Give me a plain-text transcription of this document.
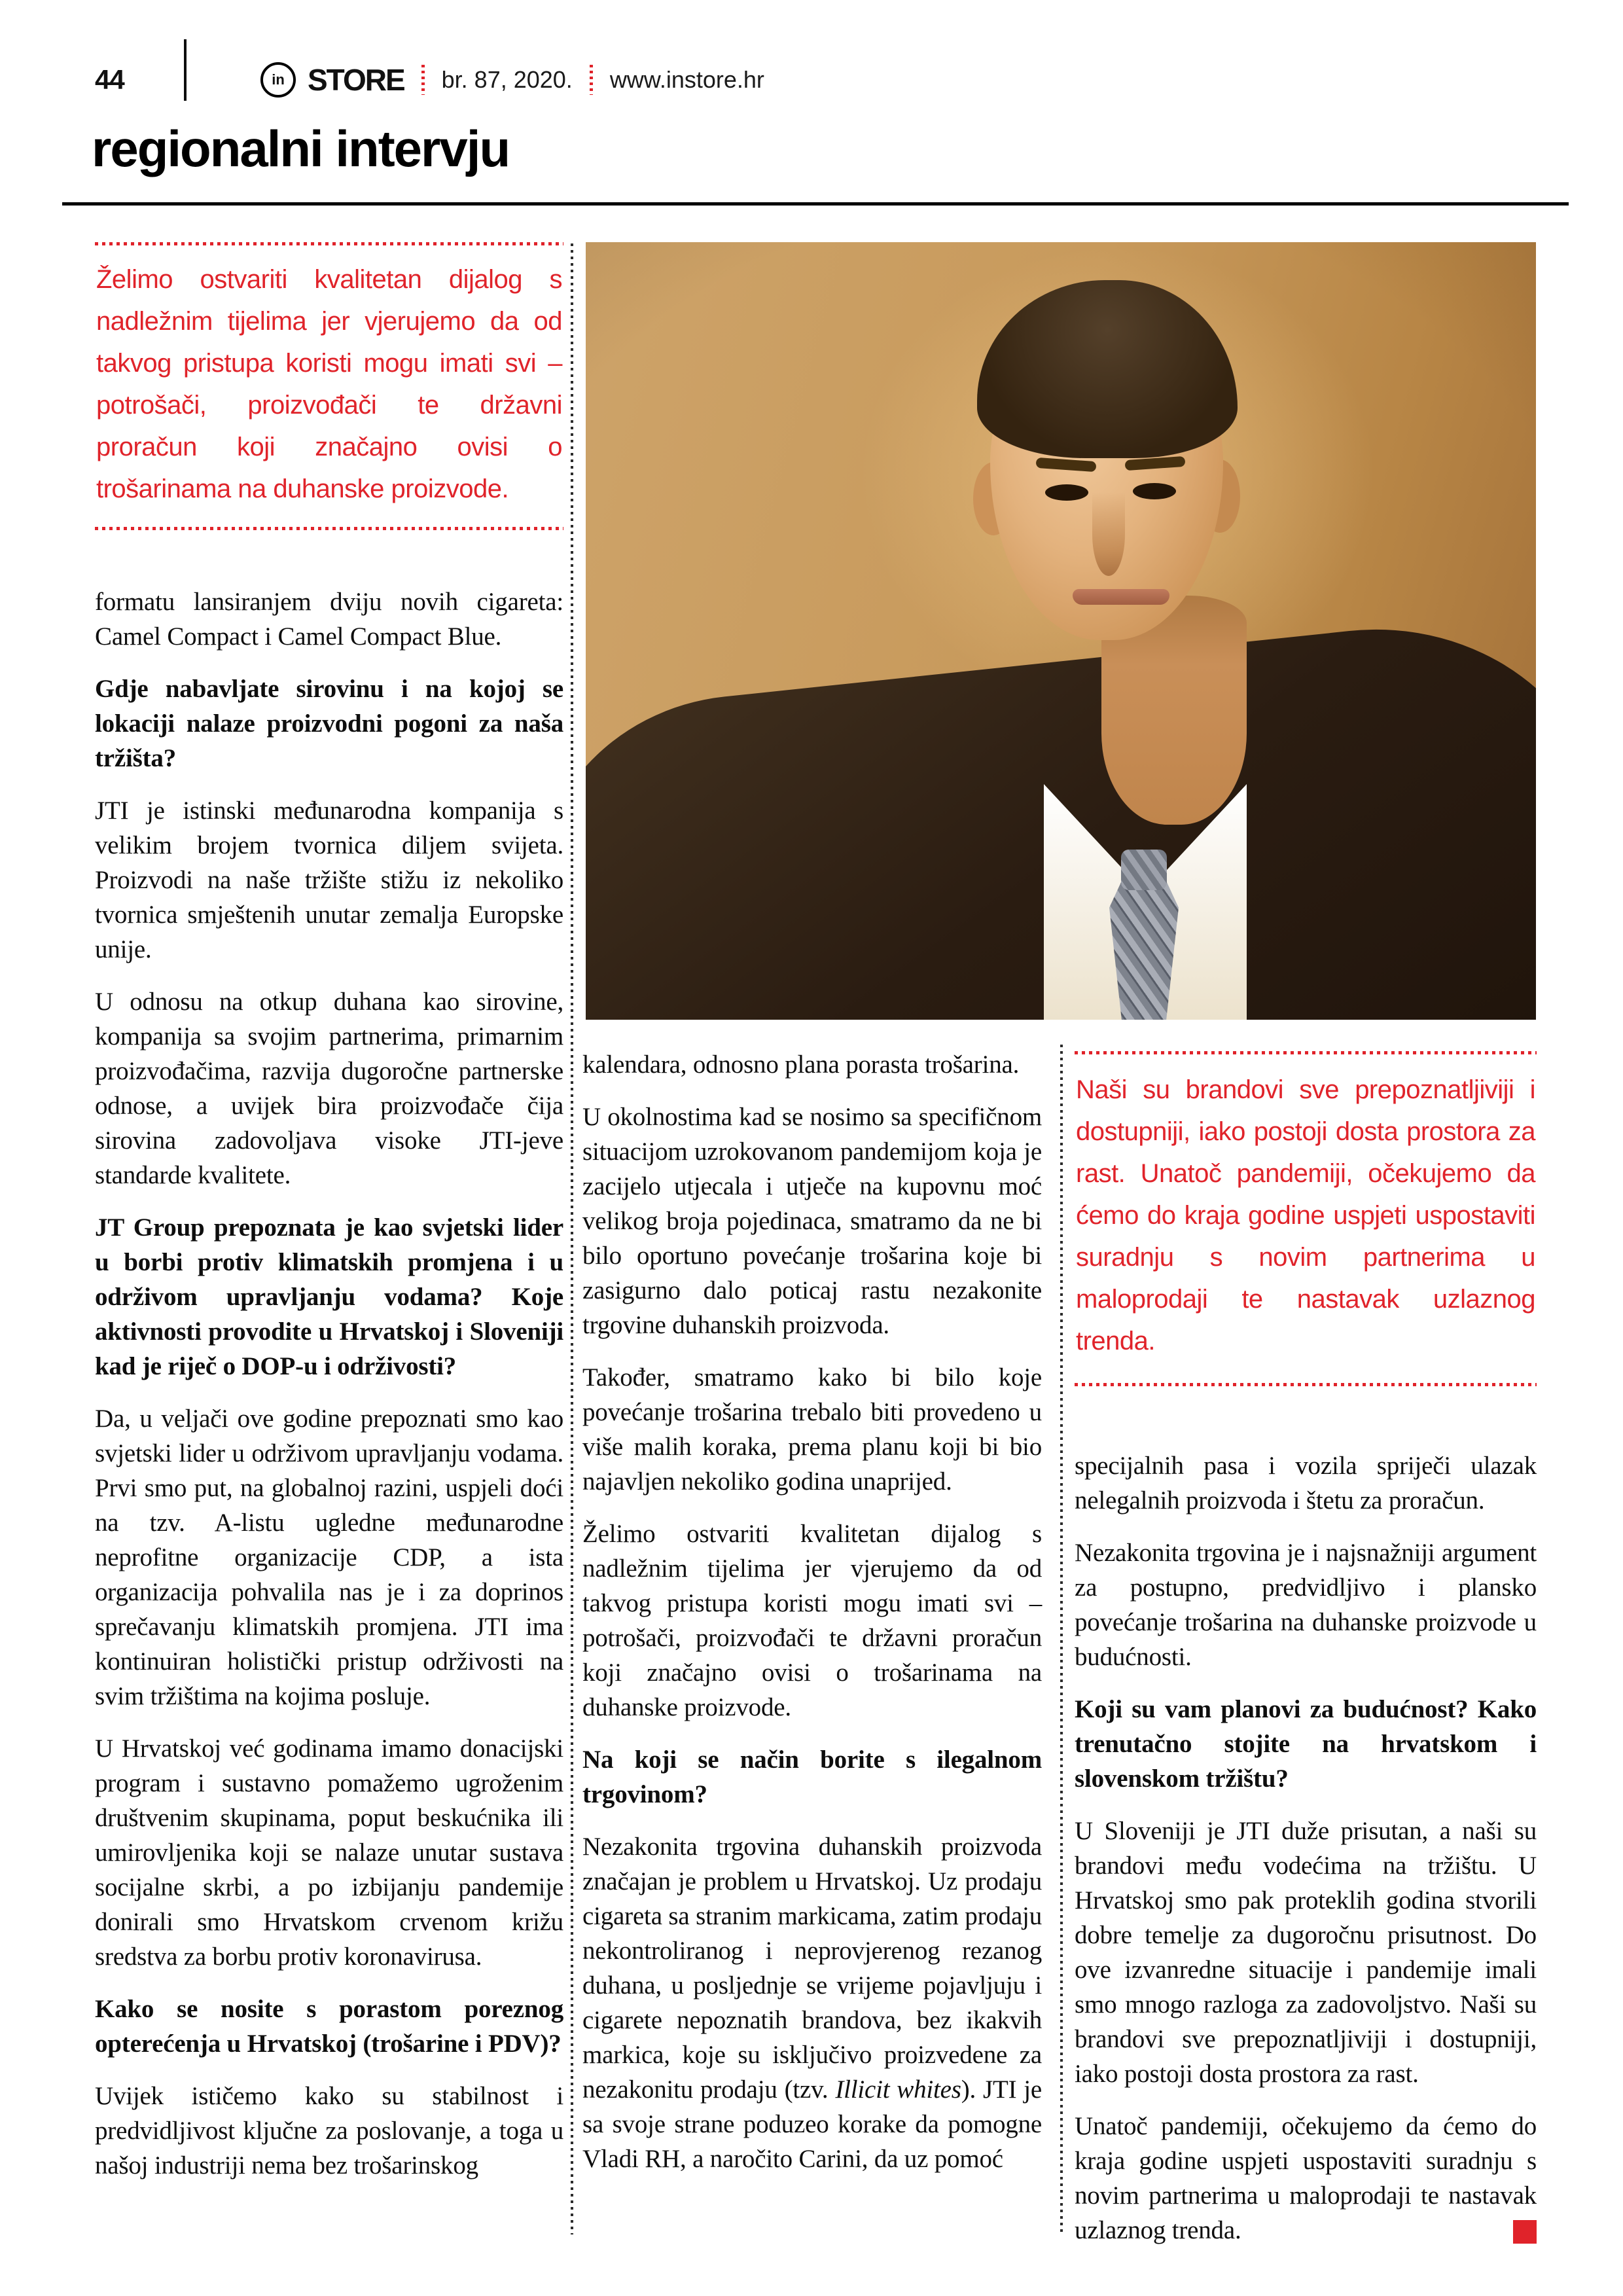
44	in STORE br. 87, 2020. www.instore.hr
regionalni intervju
Želimo ostvariti kvalitetan dijalog s nadležnim tijelima jer vjerujemo da od takvog pristupa koristi mogu imati svi – potrošači, proizvođači te državni proračun koji značajno ovisi o trošarinama na duhanske proizvode.

formatu lansiranjem dviju novih cigareta: Camel Compact i Camel Compact Blue.

Gdje nabavljate sirovinu i na kojoj se lokaciji nalaze proizvodni pogoni za naša tržišta?

JTI je istinski međunarodna kompanija s velikim brojem tvornica diljem svijeta. Proizvodi na naše tržište stižu iz nekoliko tvornica smještenih unutar zemalja Europske unije.

U odnosu na otkup duhana kao sirovine, kompanija sa svojim partnerima, primarnim proizvođačima, razvija dugoročne partnerske odnose, a uvijek bira proizvođače čija sirovina zadovoljava visoke JTI-jeve standarde kvalitete.

JT Group prepoznata je kao svjetski lider u borbi protiv klimatskih promjena i u održivom upravljanju vodama? Koje aktivnosti provodite u Hrvatskoj i Sloveniji kad je riječ o DOP-u i održivosti?

Da, u veljači ove godine prepoznati smo kao svjetski lider u održivom upravljanju vodama. Prvi smo put, na globalnoj razini, uspjeli doći na tzv. A-listu ugledne međunarodne neprofitne organizacije CDP, a ista organizacija pohvalila nas je i za doprinos sprečavanju klimatskih promjena. JTI ima kontinuiran holistički pristup održivosti na svim tržištima na kojima posluje.

U Hrvatskoj već godinama imamo donacijski program i sustavno pomažemo ugroženim društvenim skupinama, poput beskućnika ili umirovljenika koji se nalaze unutar sustava socijalne skrbi, a po izbijanju pandemije donirali smo Hrvatskom crvenom križu sredstva za borbu protiv koronavirusa.

Kako se nosite s porastom poreznog opterećenja u Hrvatskoj (trošarine i PDV)?

Uvijek ističemo kako su stabilnost i predvidljivost ključne za poslovanje, a toga u našoj industriji nema bez trošarinskog

kalendara, odnosno plana porasta trošarina.

U okolnostima kad se nosimo sa specifičnom situacijom uzrokovanom pandemijom koja je zacijelo utjecala i utječe na kupovnu moć velikog broja pojedinaca, smatramo da ne bi bilo oportuno povećanje trošarina koje bi zasigurno dalo poticaj rastu nezakonite trgovine duhanskih proizvoda.

Također, smatramo kako bi bilo koje povećanje trošarina trebalo biti provedeno u više malih koraka, prema planu koji bi bio najavljen nekoliko godina unaprijed.

Želimo ostvariti kvalitetan dijalog s nadležnim tijelima jer vjerujemo da od takvog pristupa koristi mogu imati svi – potrošači, proizvođači te državni proračun koji značajno ovisi o trošarinama na duhanske proizvode.

Na koji se način borite s ilegalnom trgovinom?

Nezakonita trgovina duhanskih proizvoda značajan je problem u Hrvatskoj. Uz prodaju cigareta sa stranim markicama, zatim prodaju nekontroliranog i neprovjerenog rezanog duhana, u posljednje se vrijeme pojavljuju i cigarete nepoznatih brandova, bez ikakvih markica, koje su isključivo proizvedene za nezakonitu prodaju (tzv. Illicit whites). JTI je sa svoje strane poduzeo korake da pomogne Vladi RH, a naročito Carini, da uz pomoć

Naši su brandovi sve prepoznatljiviji i dostupniji, iako postoji dosta prostora za rast. Unatoč pandemiji, očekujemo da ćemo do kraja godine uspjeti uspostaviti suradnju s novim partnerima u maloprodaji te nastavak uzlaznog trenda.

specijalnih pasa i vozila spriječi ulazak nelegalnih proizvoda i štetu za proračun.

Nezakonita trgovina je i najsnažniji argument za postupno, predvidljivo i plansko povećanje trošarina na duhanske proizvode u budućnosti.

Koji su vam planovi za budućnost? Kako trenutačno stojite na hrvatskom i slovenskom tržištu?

U Sloveniji je JTI duže prisutan, a naši su brandovi među vodećima na tržištu. U Hrvatskoj smo pak proteklih godina stvorili dobre temelje za dugoročnu prisutnost. Do ove izvanredne situacije i pandemije imali smo mnogo razloga za zadovoljstvo. Naši su brandovi sve prepoznatljiviji i dostupniji, iako postoji dosta prostora za rast.

Unatoč pandemiji, očekujemo da ćemo do kraja godine uspjeti uspostaviti suradnju s novim partnerima u maloprodaji te nastavak uzlaznog trenda.
